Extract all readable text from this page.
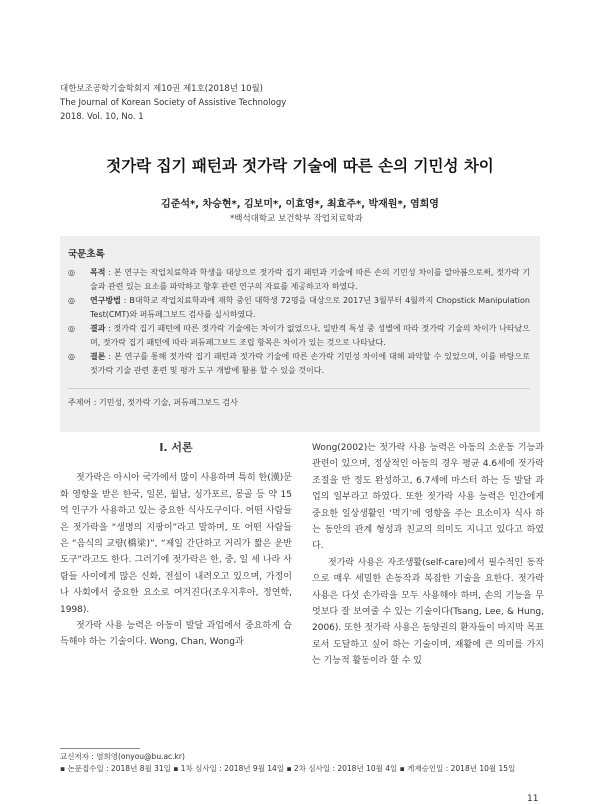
대한보조공학기술학회지 제10권 제1호(2018년 10월)
The Journal of Korean Society of Assistive Technology
2018. Vol. 10, No. 1
젓가락 집기 패턴과 젓가락 기술에 따른 손의 기민성 차이
김준석*, 차승현*, 김보미*, 이효영*, 최효주*, 박재원*, 염희영
*백석대학교 보건학부 작업치료학과
국문초록
◎ 목적 : 본 연구는 작업치료학과 학생을 대상으로 젓가락 집기 패턴과 기술에 따른 손의 기민성 차이를 알아봄으로써, 젓가락 기술과 관련 있는 요소를 파악하고 향후 관련 연구의 자료를 제공하고자 하였다.
◎ 연구방법 : B대학교 작업치료학과에 재학 중인 대학생 72명을 대상으로 2017년 3월부터 4월까지 Chopstick Manipulation Test(CMT)와 퍼듀페그보드 검사를 실시하였다.
◎ 결과 : 젓가락 집기 패턴에 따른 젓가락 기술에는 차이가 없었으나, 일반적 특성 중 성별에 따라 젓가락 기술의 차이가 나타났으며, 젓가락 집기 패턴에 따라 퍼듀페그보드 조립 항목은 차이가 있는 것으로 나타났다.
◎ 결론 : 본 연구를 통해 젓가락 집기 패턴과 젓가락 기술에 따른 손가락 기민성 차이에 대해 파악할 수 있었으며, 이를 바탕으로 젓가락 기술 관련 훈련 및 평가 도구 개발에 활용 할 수 있을 것이다.
주제어 : 기민성, 젓가락 기술, 퍼듀페그보드 검사
I. 서론

젓가락은 아시아 국가에서 많이 사용하며 특히 한(漢)문화 영향을 받은 한국, 일본, 월남, 싱가포르, 몽골 등 약 15억 인구가 사용하고 있는 중요한 식사도구이다. 어떤 사람들은 젓가락을 “생명의 지팡이”라고 말하며, 또 어떤 사람들은 “음식의 교량(橋梁)”, “제일 간단하고 거리가 짧은 운반도구”라고도 한다. 그러기에 젓가락은 한, 중, 일 세 나라 사람들 사이에게 많은 신화, 전설이 내려오고 있으며, 가정이나 사회에서 중요한 요소로 여겨진다(조우지후아, 정연학, 1998).

젓가락 사용 능력은 아동이 발달 과업에서 중요하게 습득해야 하는 기술이다. Wong, Chan, Wong과

Wong(2002)는 젓가락 사용 능력은 아동의 소운동 기능과 관련이 있으며, 정상적인 아동의 경우 평균 4.6세에 젓가락 조절을 반 정도 완성하고, 6.7세에 마스터 하는 등 발달 과업의 일부라고 하였다. 또한 젓가락 사용 능력은 인간에게 중요한 일상생활인 ‘먹기’에 영향을 주는 요소이자 식사 하는 동안의 관계 형성과 친교의 의미도 지니고 있다고 하였다.

젓가락 사용은 자조생활(self-care)에서 필수적인 동작으로 매우 세밀한 손동작과 복잡한 기술을 요한다. 젓가락 사용은 다섯 손가락을 모두 사용해야 하며, 손의 기능을 무엇보다 잘 보여줄 수 있는 기술이다(Tsang, Lee, & Hung, 2006). 또한 젓가락 사용은 동양권의 환자들이 마지막 목표로서 도달하고 싶어 하는 기술이며, 재활에 큰 의미를 가지는 기능적 활동이라 할 수 있

교신저자 : 염희영(onyou@bu.ac.kr)
▪ 논문접수일 : 2018년 8월 31일 ▪ 1차 심사일 : 2018년 9월 14일 ▪ 2차 심사일 : 2018년 10월 4일 ▪ 게재승인일 : 2018년 10월 15일
11
